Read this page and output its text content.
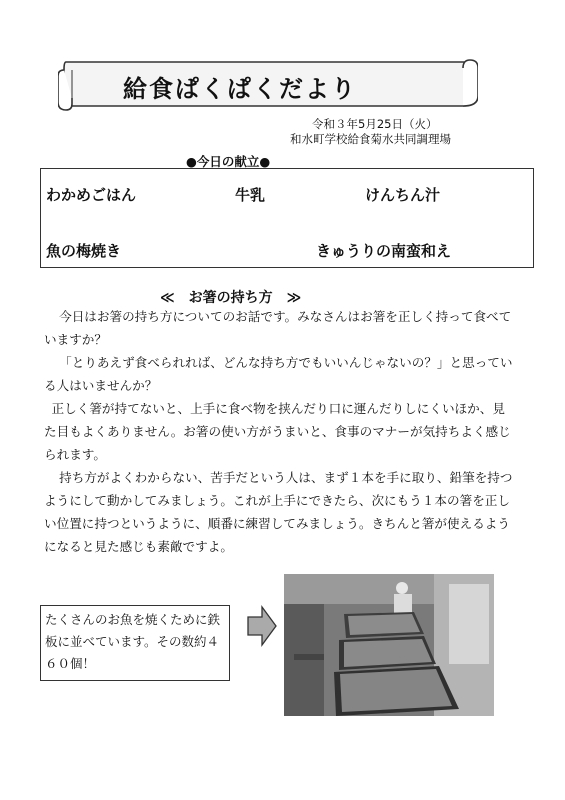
給食ぱくぱくだより
令和３年5月25日（火）
和水町学校給食菊水共同調理場
●今日の献立●
わかめごはん	牛乳	けんちん汁
魚の梅焼き	きゅうりの南蛮和え
≪　お箸の持ち方　≫

今日はお箸の持ち方についてのお話です。みなさんはお箸を正しく持って食べていますか？

「とりあえず食べられれば、どんな持ち方でもいいんじゃないの？」と思っている人はいませんか？

正しく箸が持てないと、上手に食べ物を挟んだり口に運んだりしにくいほか、見た目もよくありません。お箸の使い方がうまいと、食事のマナーが気持ちよく感じられます。

持ち方がよくわからない、苦手だという人は、まず１本を手に取り、鉛筆を持つようにして動かしてみましょう。これが上手にできたら、次にもう１本の箸を正しい位置に持つというように、順番に練習してみましょう。きちんと箸が使えるようになると見た感じも素敵ですよ。

たくさんのお魚を焼くために鉄板に並べています。その数約４６０個！
